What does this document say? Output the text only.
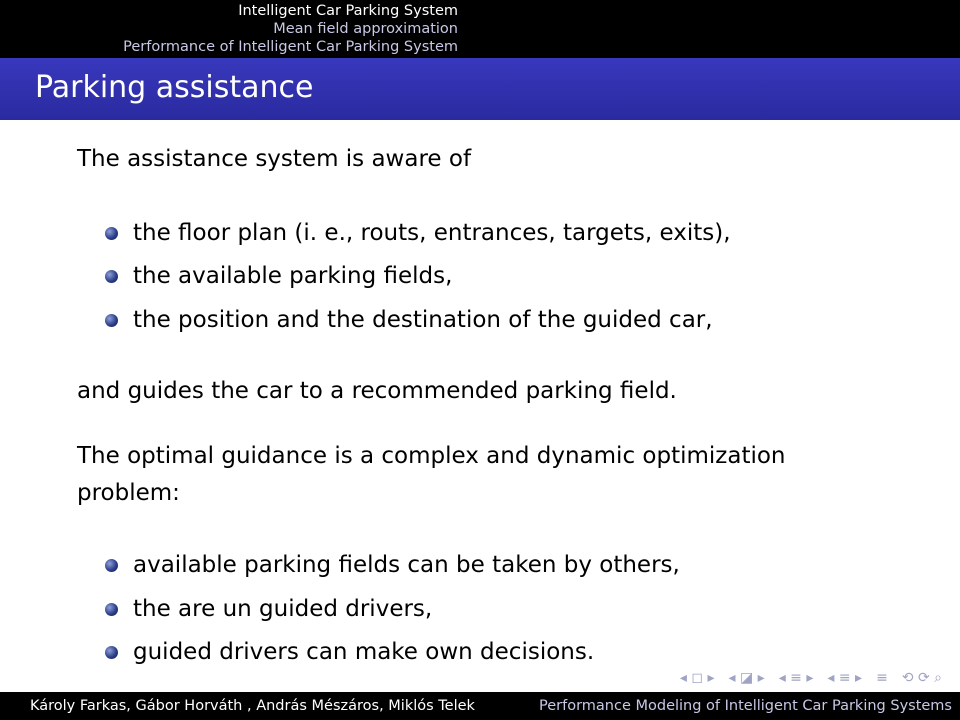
Intelligent Car Parking System
Mean field approximation
Performance of Intelligent Car Parking System
Parking assistance
The assistance system is aware of
the floor plan (i. e., routs, entrances, targets, exits),
the available parking fields,
the position and the destination of the guided car,
and guides the car to a recommended parking field.
The optimal guidance is a complex and dynamic optimization
problem:
available parking fields can be taken by others,
the are un guided drivers,
guided drivers can make own decisions.
◂ ◻ ▸ ◂ ◪ ▸ ◂ ≡ ▸ ◂ ≡ ▸ ≡ ⟲ ⟳ ⌕
Károly Farkas, Gábor Horváth , András Mészáros, Miklós Telek	Performance Modeling of Intelligent Car Parking Systems
